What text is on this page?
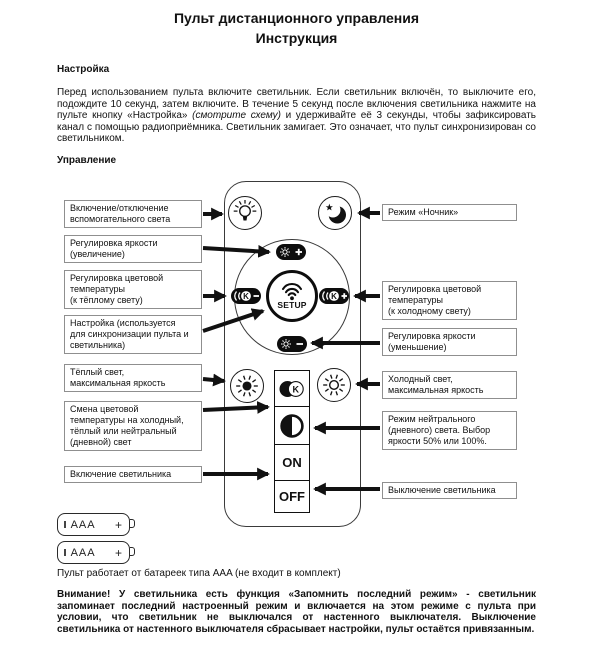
Пульт дистанционного управления
Инструкция
Настройка
Перед использованием пульта включите светильник. Если светильник включён, то выключите его, подождите 10 секунд, затем включите. В течение 5 секунд после включения светильника нажмите на пульте кнопку «Настройка» (смотрите схему) и удерживайте её 3 секунды, чтобы зафиксировать канал с помощью радиоприёмника. Светильник замигает. Это означает, что пульт синхронизирован со светильником.
Управление
K	K
SETUP
K
ON
OFF
Включение/отключение
вспомогательного света
Регулировка яркости
(увеличение)
Регулировка цветовой
температуры
(к тёплому свету)
Настройка (используется
для синхронизации пульта и
светильника)
Тёплый свет,
максимальная яркость
Смена цветовой
температуры на холодный,
тёплый или нейтральный
(дневной) свет
Включение светильника
Режим «Ночник»
Регулировка цветовой
температуры
(к холодному свету)
Регулировка яркости
(уменьшение)
Холодный свет,
максимальная яркость
Режим нейтрального
(дневного) света. Выбор
яркости 50% или 100%.
Выключение светильника
AAA +
AAA +
Пульт работает от батареек типа AAA (не входит в комплект)
Внимание! У светильника есть функция «Запомнить последний режим» - светильник запоминает последний настроенный режим и включается на этом режиме с пульта при условии, что светильник не выключался от настенного выключателя. Выключение светильника от настенного выключателя сбрасывает настройки, пульт остаётся привязанным.
